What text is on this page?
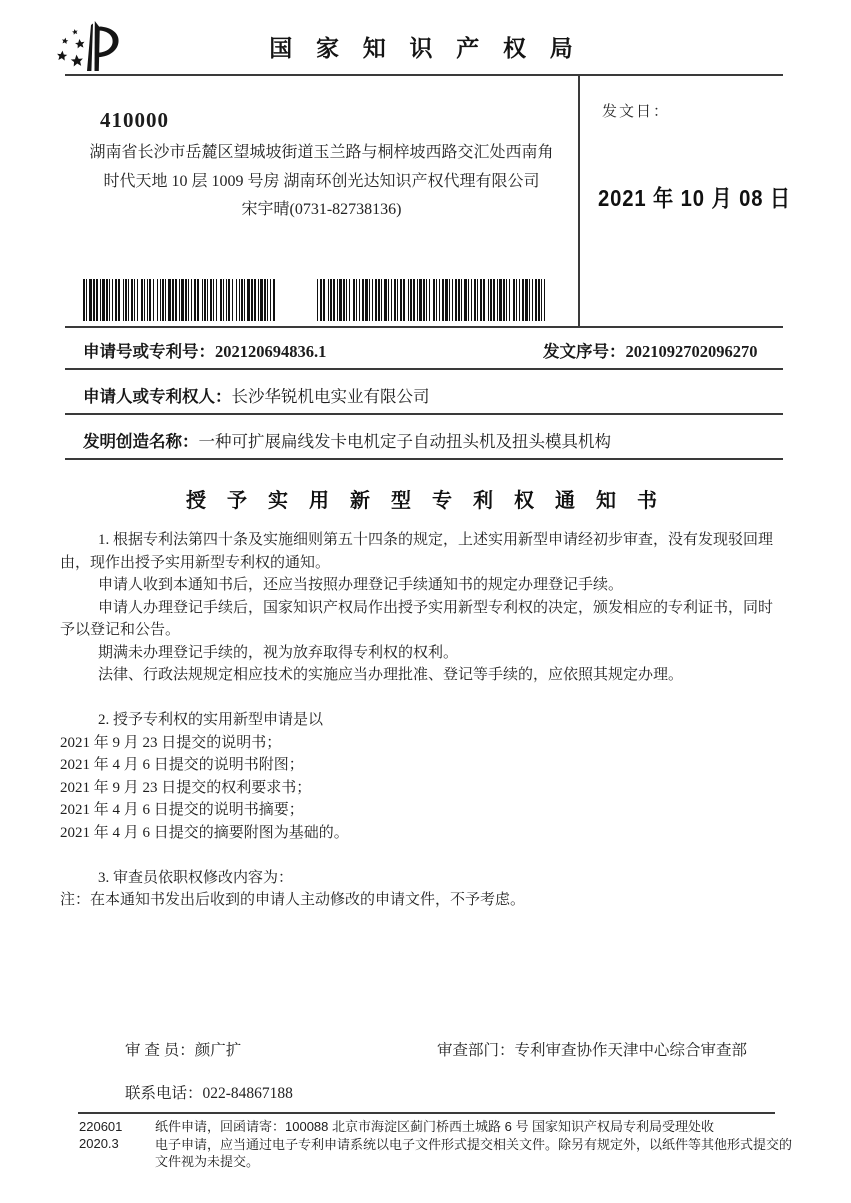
国 家 知 识 产 权 局
410000
湖南省长沙市岳麓区望城坡街道玉兰路与桐梓坡西路交汇处西南角
时代天地 10 层 1009 号房 湖南环创光达知识产权代理有限公司
宋宇晴(0731-82738136)
发文日：
2021 年 10 月 08 日
申请号或专利号：202120694836.1	发文序号：2021092702096270
申请人或专利权人：长沙华锐机电实业有限公司
发明创造名称：一种可扩展扁线发卡电机定子自动扭头机及扭头模具机构
授 予 实 用 新 型 专 利 权 通 知 书
1. 根据专利法第四十条及实施细则第五十四条的规定，上述实用新型申请经初步审查，没有发现驳回理
由，现作出授予实用新型专利权的通知。
申请人收到本通知书后，还应当按照办理登记手续通知书的规定办理登记手续。
申请人办理登记手续后，国家知识产权局作出授予实用新型专利权的决定，颁发相应的专利证书，同时
予以登记和公告。
期满未办理登记手续的，视为放弃取得专利权的权利。
法律、行政法规规定相应技术的实施应当办理批准、登记等手续的，应依照其规定办理。
2. 授予专利权的实用新型申请是以
2021 年 9 月 23 日提交的说明书；
2021 年 4 月 6 日提交的说明书附图；
2021 年 9 月 23 日提交的权利要求书；
2021 年 4 月 6 日提交的说明书摘要；
2021 年 4 月 6 日提交的摘要附图为基础的。
3. 审查员依职权修改内容为：
注：在本通知书发出后收到的申请人主动修改的申请文件，不予考虑。
审 查 员：颜广扩	审查部门：专利审查协作天津中心综合审查部
联系电话：022-84867188
220601
2020.3
纸件申请，回函请寄：100088 北京市海淀区蓟门桥西土城路 6 号 国家知识产权局专利局受理处收
电子申请，应当通过电子专利申请系统以电子文件形式提交相关文件。除另有规定外，以纸件等其他形式提交的
文件视为未提交。
